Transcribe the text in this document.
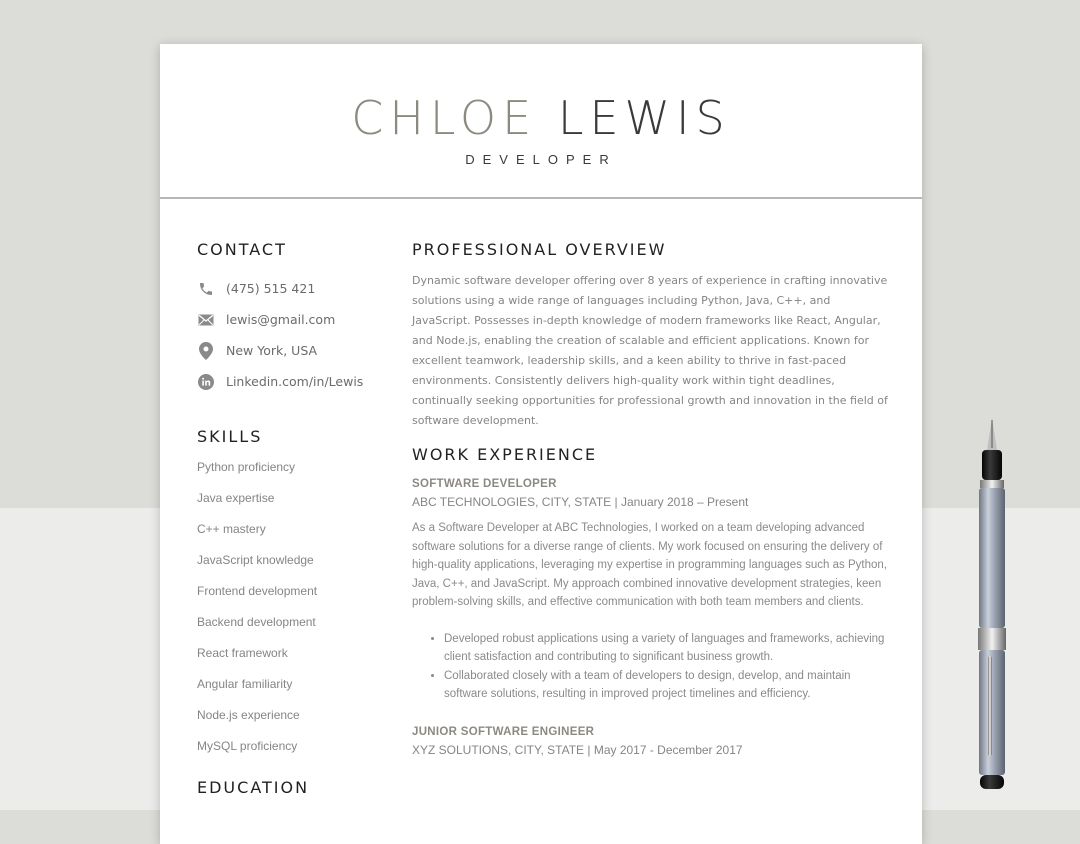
CHLOE LEWIS
DEVELOPER
CONTACT
(475) 515 421
lewis@gmail.com
New York, USA
Linkedin.com/in/Lewis
SKILLS
Python proficiency
Java expertise
C++ mastery
JavaScript knowledge
Frontend development
Backend development
React framework
Angular familiarity
Node.js experience
MySQL proficiency
EDUCATION
PROFESSIONAL OVERVIEW

Dynamic software developer offering over 8 years of experience in crafting innovative solutions using a wide range of languages including Python, Java, C++, and JavaScript. Possesses in-depth knowledge of modern frameworks like React, Angular, and Node.js, enabling the creation of scalable and efficient applications. Known for excellent teamwork, leadership skills, and a keen ability to thrive in fast-paced environments. Consistently delivers high-quality work within tight deadlines, continually seeking opportunities for professional growth and innovation in the field of software development.

WORK EXPERIENCE
SOFTWARE DEVELOPER
ABC TECHNOLOGIES, CITY, STATE | January 2018 – Present
As a Software Developer at ABC Technologies, I worked on a team developing advanced software solutions for a diverse range of clients. My work focused on ensuring the delivery of high-quality applications, leveraging my expertise in programming languages such as Python, Java, C++, and JavaScript. My approach combined innovative development strategies, keen problem-solving skills, and effective communication with both team members and clients.
• Developed robust applications using a variety of languages and frameworks, achieving client satisfaction and contributing to significant business growth.
• Collaborated closely with a team of developers to design, develop, and maintain software solutions, resulting in improved project timelines and efficiency.
JUNIOR SOFTWARE ENGINEER
XYZ SOLUTIONS, CITY, STATE | May 2017 - December 2017
